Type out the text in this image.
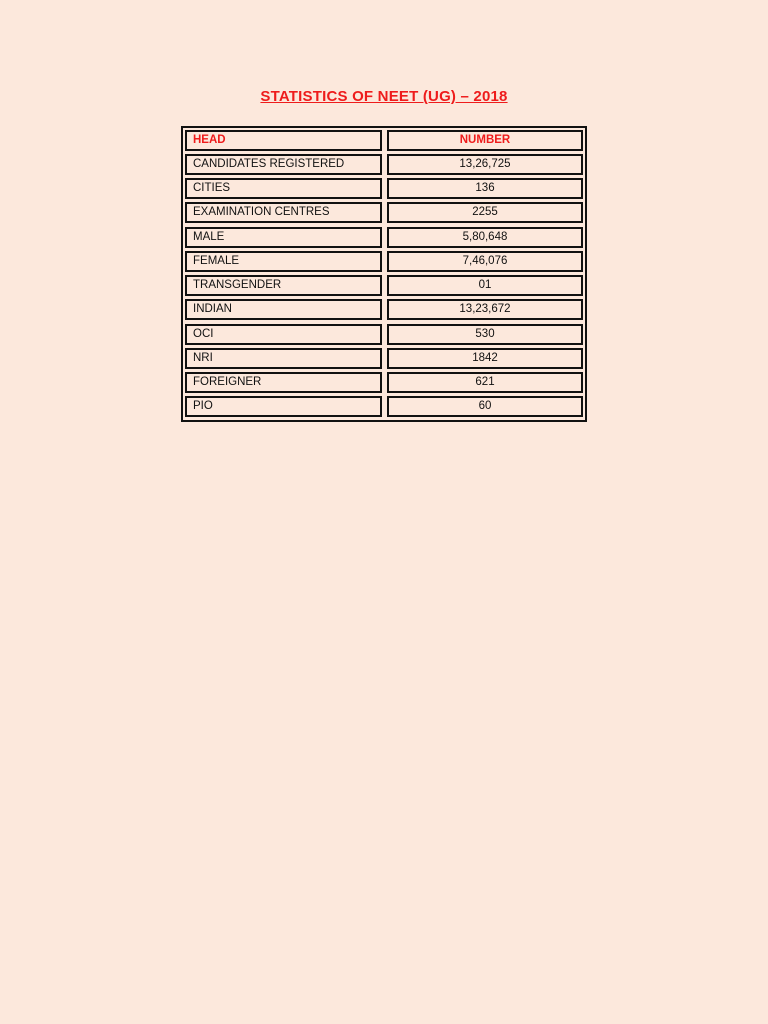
STATISTICS OF NEET (UG) – 2018
HEAD	NUMBER
CANDIDATES REGISTERED	13,26,725
CITIES	136
EXAMINATION CENTRES	2255
MALE	5,80,648
FEMALE	7,46,076
TRANSGENDER	01
INDIAN	13,23,672
OCI	530
NRI	1842
FOREIGNER	621
PIO	60
